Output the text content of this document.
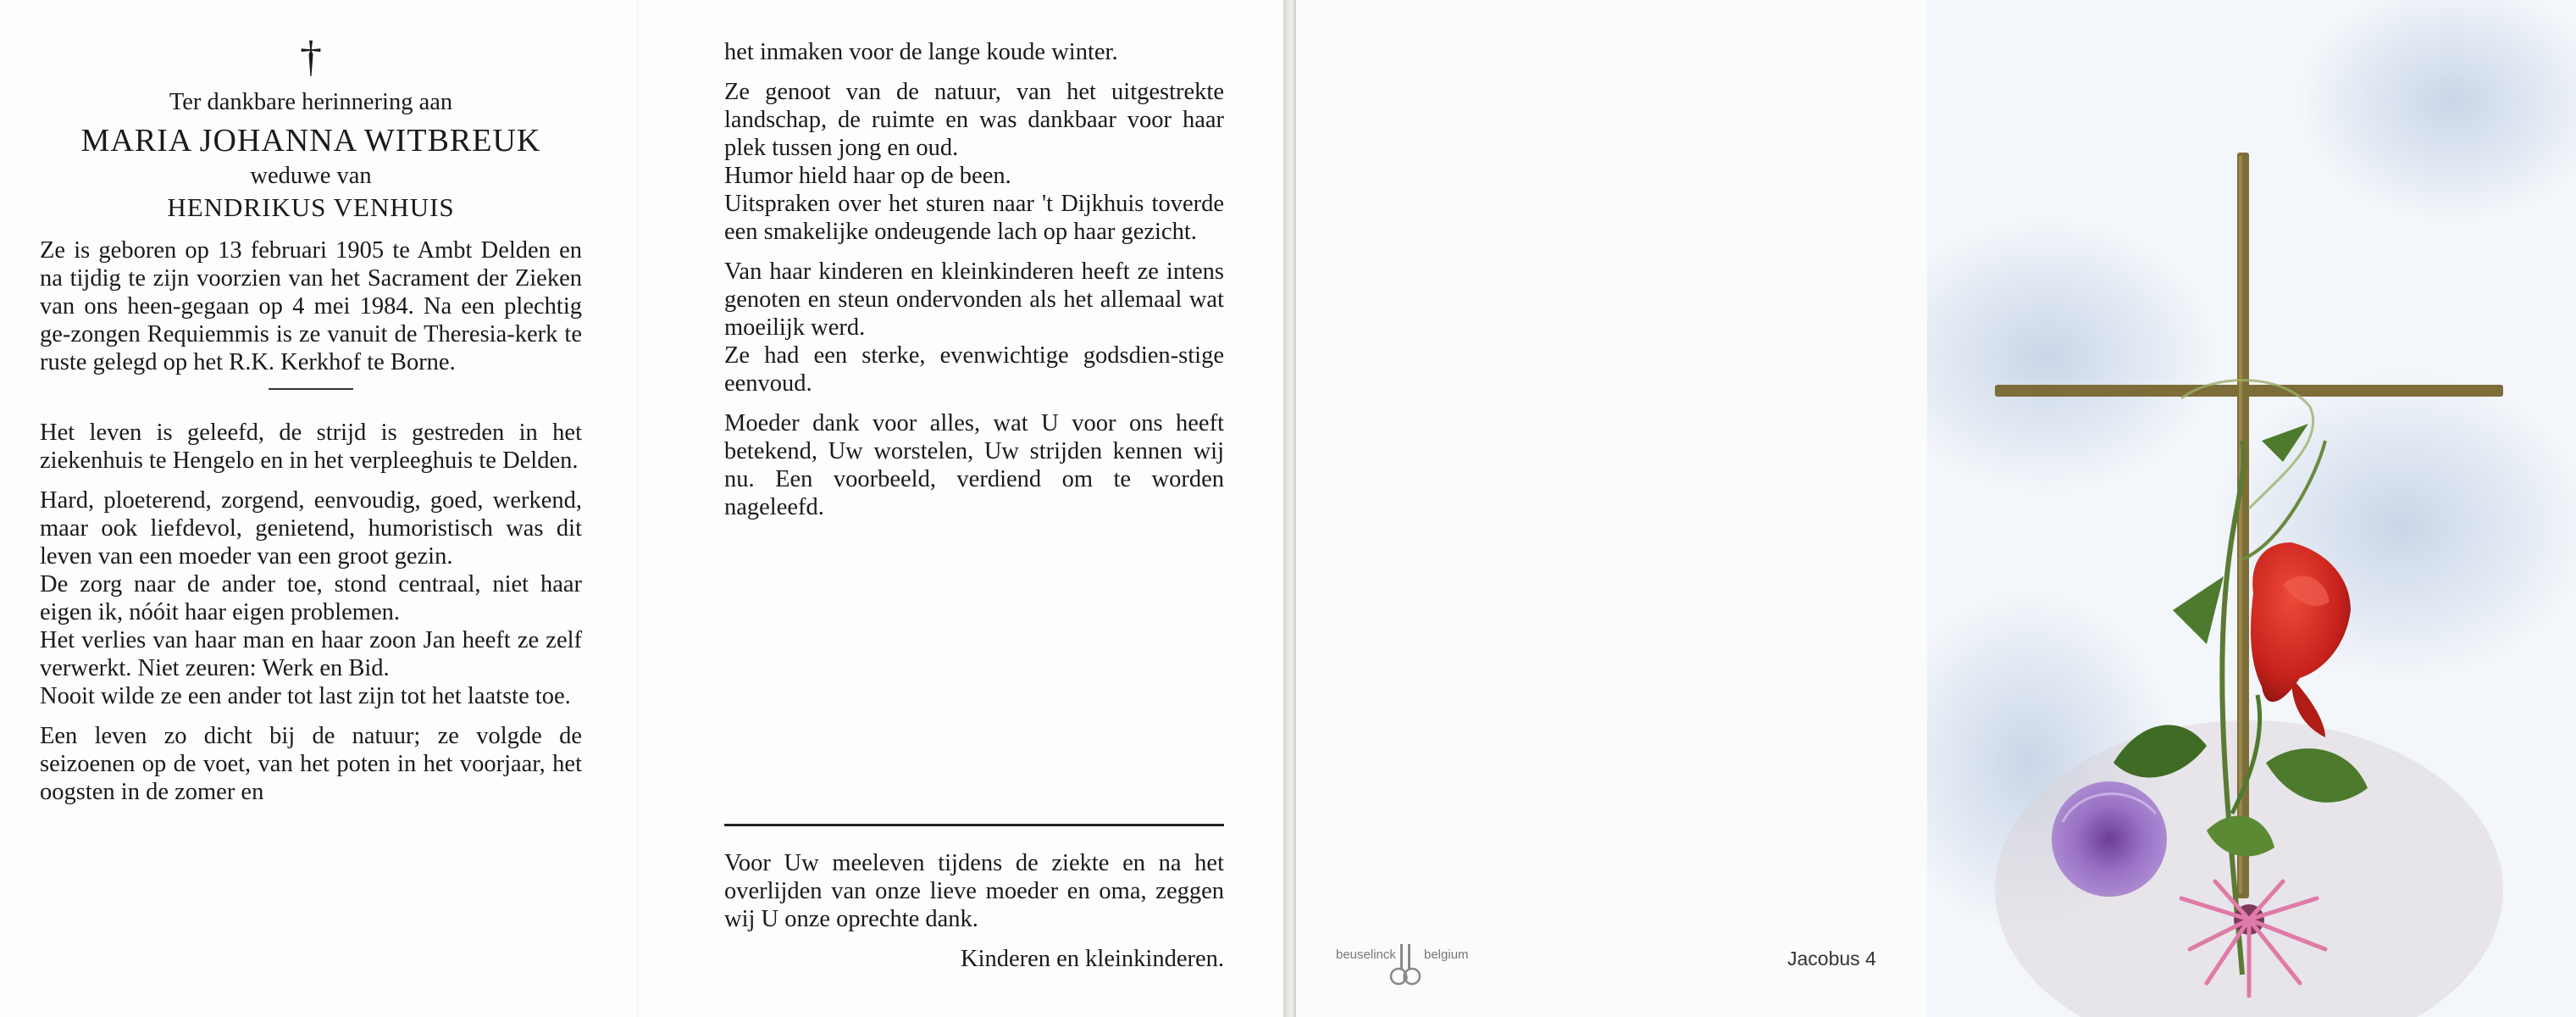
†
Ter dankbare herinnering aan
MARIA JOHANNA WITBREUK
weduwe van
HENDRIKUS VENHUIS

Ze is geboren op 13 februari 1905 te Ambt Delden en na tijdig te zijn voorzien van het Sacrament der Zieken van ons heen-gegaan op 4 mei 1984. Na een plechtig ge-zongen Requiemmis is ze vanuit de Theresia-kerk te ruste gelegd op het R.K. Kerkhof te Borne.

Het leven is geleefd, de strijd is gestreden in het ziekenhuis te Hengelo en in het verpleeghuis te Delden.

Hard, ploeterend, zorgend, eenvoudig, goed, werkend, maar ook liefdevol, genietend, humoristisch was dit leven van een moeder van een groot gezin.

De zorg naar de ander toe, stond centraal, niet haar eigen ik, nóóit haar eigen problemen.

Het verlies van haar man en haar zoon Jan heeft ze zelf verwerkt. Niet zeuren: Werk en Bid.

Nooit wilde ze een ander tot last zijn tot het laatste toe.

Een leven zo dicht bij de natuur; ze volgde de seizoenen op de voet, van het poten in het voorjaar, het oogsten in de zomer en

het inmaken voor de lange koude winter.

Ze genoot van de natuur, van het uitgestrekte landschap, de ruimte en was dankbaar voor haar plek tussen jong en oud.

Humor hield haar op de been.

Uitspraken over het sturen naar 't Dijkhuis toverde een smakelijke ondeugende lach op haar gezicht.

Van haar kinderen en kleinkinderen heeft ze intens genoten en steun ondervonden als het allemaal wat moeilijk werd.

Ze had een sterke, evenwichtige godsdien-stige eenvoud.

Moeder dank voor alles, wat U voor ons heeft betekend, Uw worstelen, Uw strijden kennen wij nu. Een voorbeeld, verdiend om te worden nageleefd.

Voor Uw meeleven tijdens de ziekte en na het overlijden van onze lieve moeder en oma, zeggen wij U onze oprechte dank.

Kinderen en kleinkinderen.	beuselinck
b
belgium	Jacobus 4
